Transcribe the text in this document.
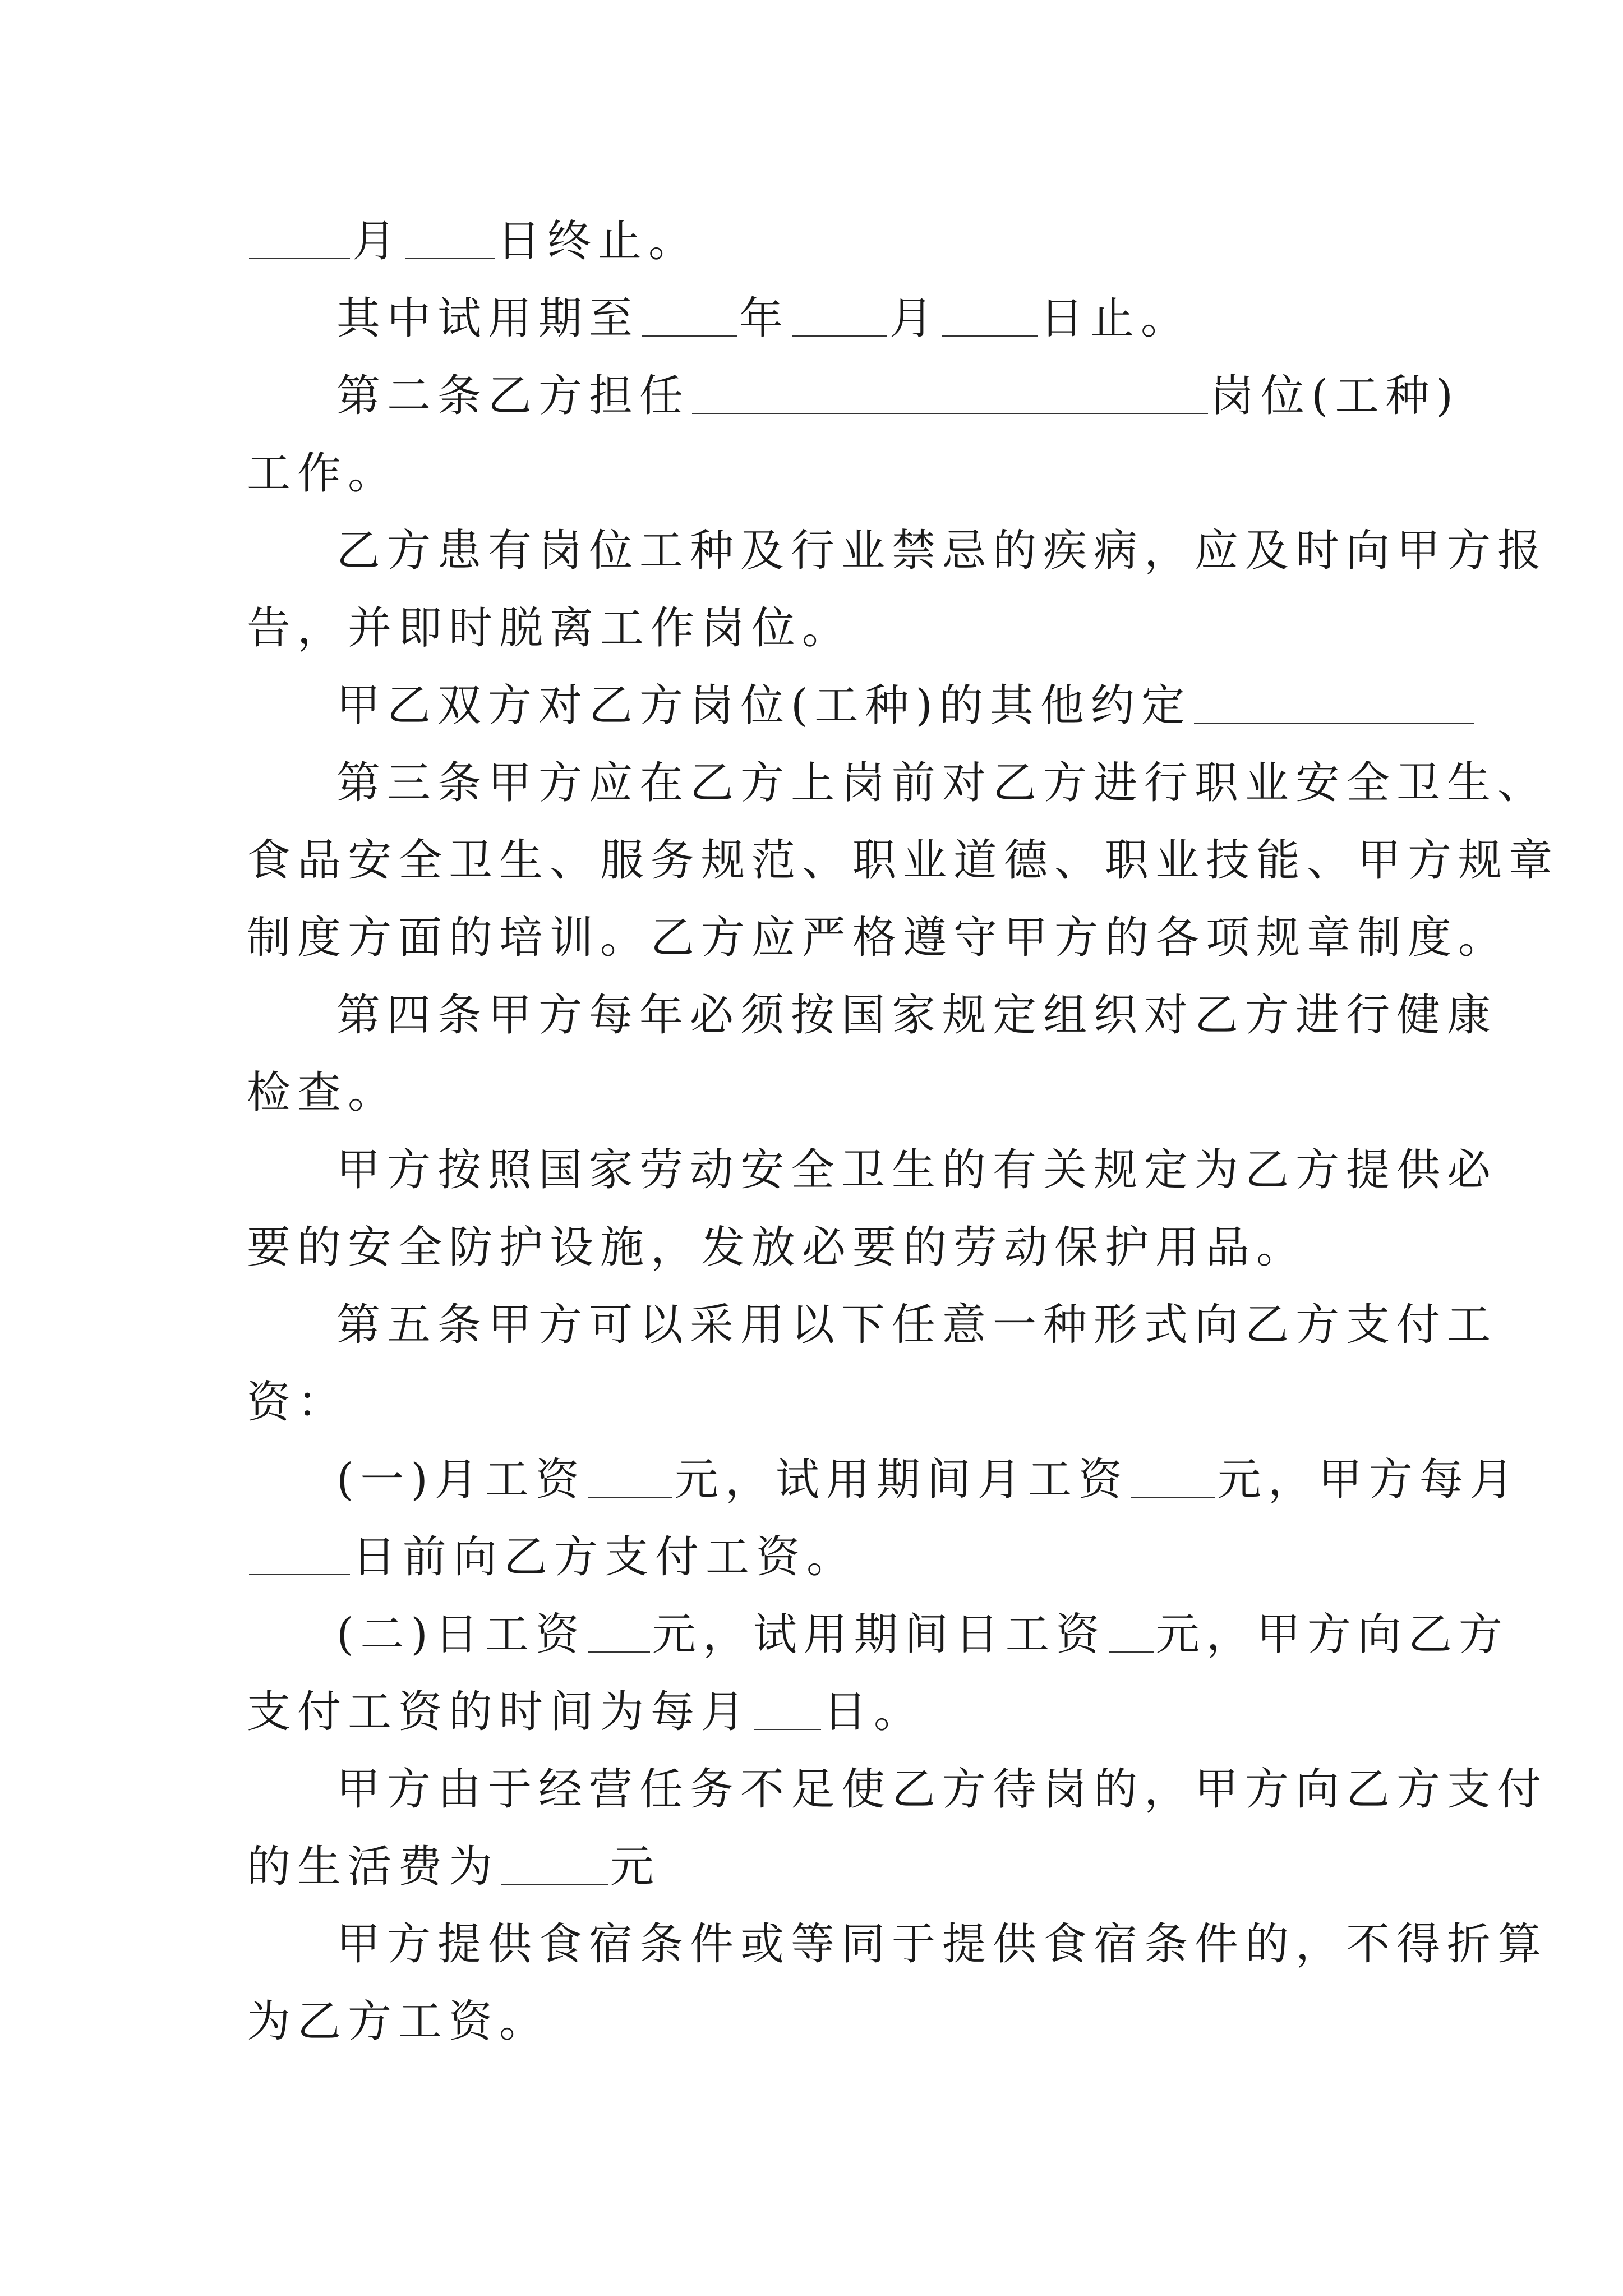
月 日终止。
其中试用期至 年 月 日止。
第二条乙方担任	岗位(工种)
工作。
乙方患有岗位工种及行业禁忌的疾病，应及时向甲方报
告，并即时脱离工作岗位。
甲乙双方对乙方岗位(工种)的其他约定
第三条甲方应在乙方上岗前对乙方进行职业安全卫生、
食品安全卫生、服务规范、职业道德、职业技能、甲方规章
制度方面的培训。乙方应严格遵守甲方的各项规章制度。
第四条甲方每年必须按国家规定组织对乙方进行健康
检查。
甲方按照国家劳动安全卫生的有关规定为乙方提供必
要的安全防护设施，发放必要的劳动保护用品。
第五条甲方可以采用以下任意一种形式向乙方支付工
资：
(一)月工资 元，试用期间月工资 元，甲方每月
日前向乙方支付工资。
(二)日工资 元，试用期间日工资 元，甲方向乙方
支付工资的时间为每月 日。
甲方由于经营任务不足使乙方待岗的，甲方向乙方支付
的生活费为	元
甲方提供食宿条件或等同于提供食宿条件的，不得折算
为乙方工资。
